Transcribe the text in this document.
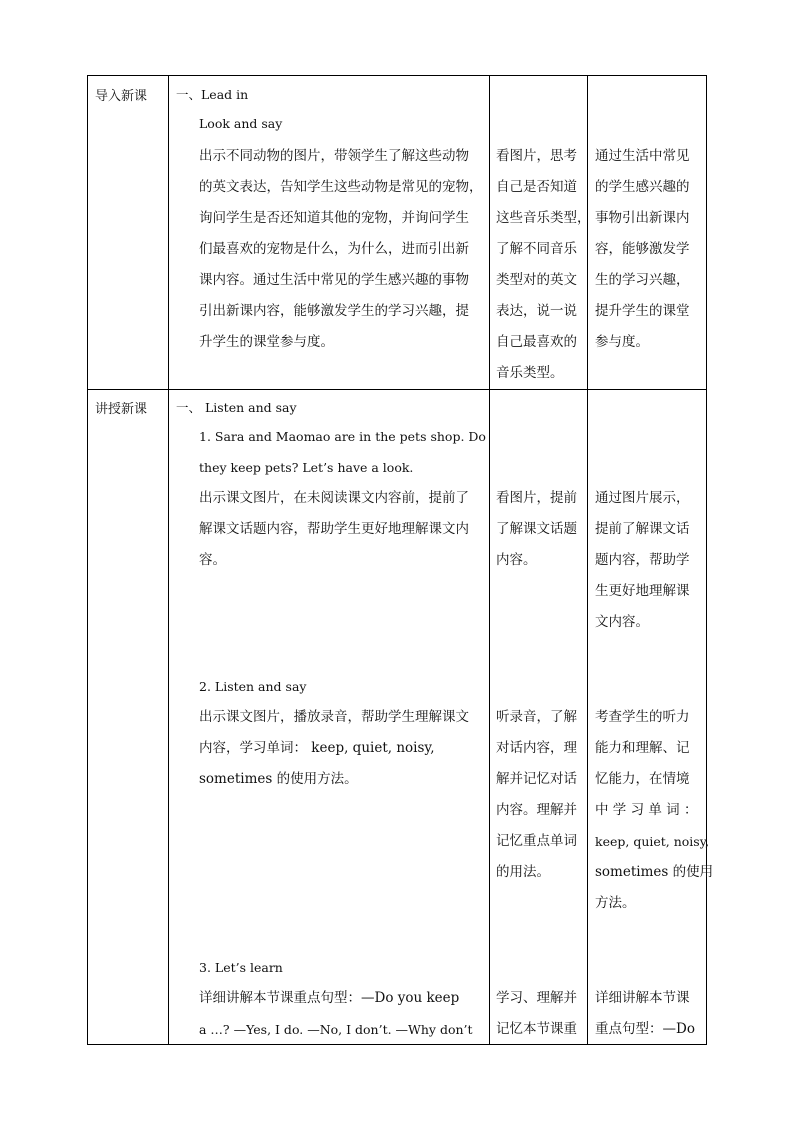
导入新课 一、Lead in
Look and say
出示不同动物的图片，带领学生了解这些动物
的英文表达，告知学生这些动物是常见的宠物，
询问学生是否还知道其他的宠物，并询问学生
们最喜欢的宠物是什么，为什么，进而引出新
课内容。通过生活中常见的学生感兴趣的事物
引出新课内容，能够激发学生的学习兴趣，提
升学生的课堂参与度。
看图片，思考
自己是否知道
这些音乐类型，
了解不同音乐
类型对的英文
表达，说一说
自己最喜欢的
音乐类型。
通过生活中常见
的学生感兴趣的
事物引出新课内
容，能够激发学
生的学习兴趣，
提升学生的课堂
参与度。
讲授新课 一、 Listen and say
1. Sara and Maomao are in the pets shop. Do
they keep pets? Let’s have a look.
出示课文图片，在未阅读课文内容前，提前了
解课文话题内容，帮助学生更好地理解课文内
容。
看图片，提前
了解课文话题
内容。
通过图片展示，
提前了解课文话
题内容，帮助学
生更好地理解课
文内容。
2. Listen and say
出示课文图片，播放录音，帮助学生理解课文
内容，学习单词： keep, quiet, noisy,
sometimes 的使用方法。
听录音，了解
对话内容，理
解并记忆对话
内容。理解并
记忆重点单词
的用法。
考查学生的听力
能力和理解、记
忆能力，在情境
中 学 习 单 词 ：
keep, quiet, noisy,
sometimes 的使用
方法。
3. Let’s learn
详细讲解本节课重点句型：—Do you keep
a …? —Yes, I do. —No, I don’t. —Why don’t
学习、理解并
记忆本节课重
详细讲解本节课
重点句型：—Do
